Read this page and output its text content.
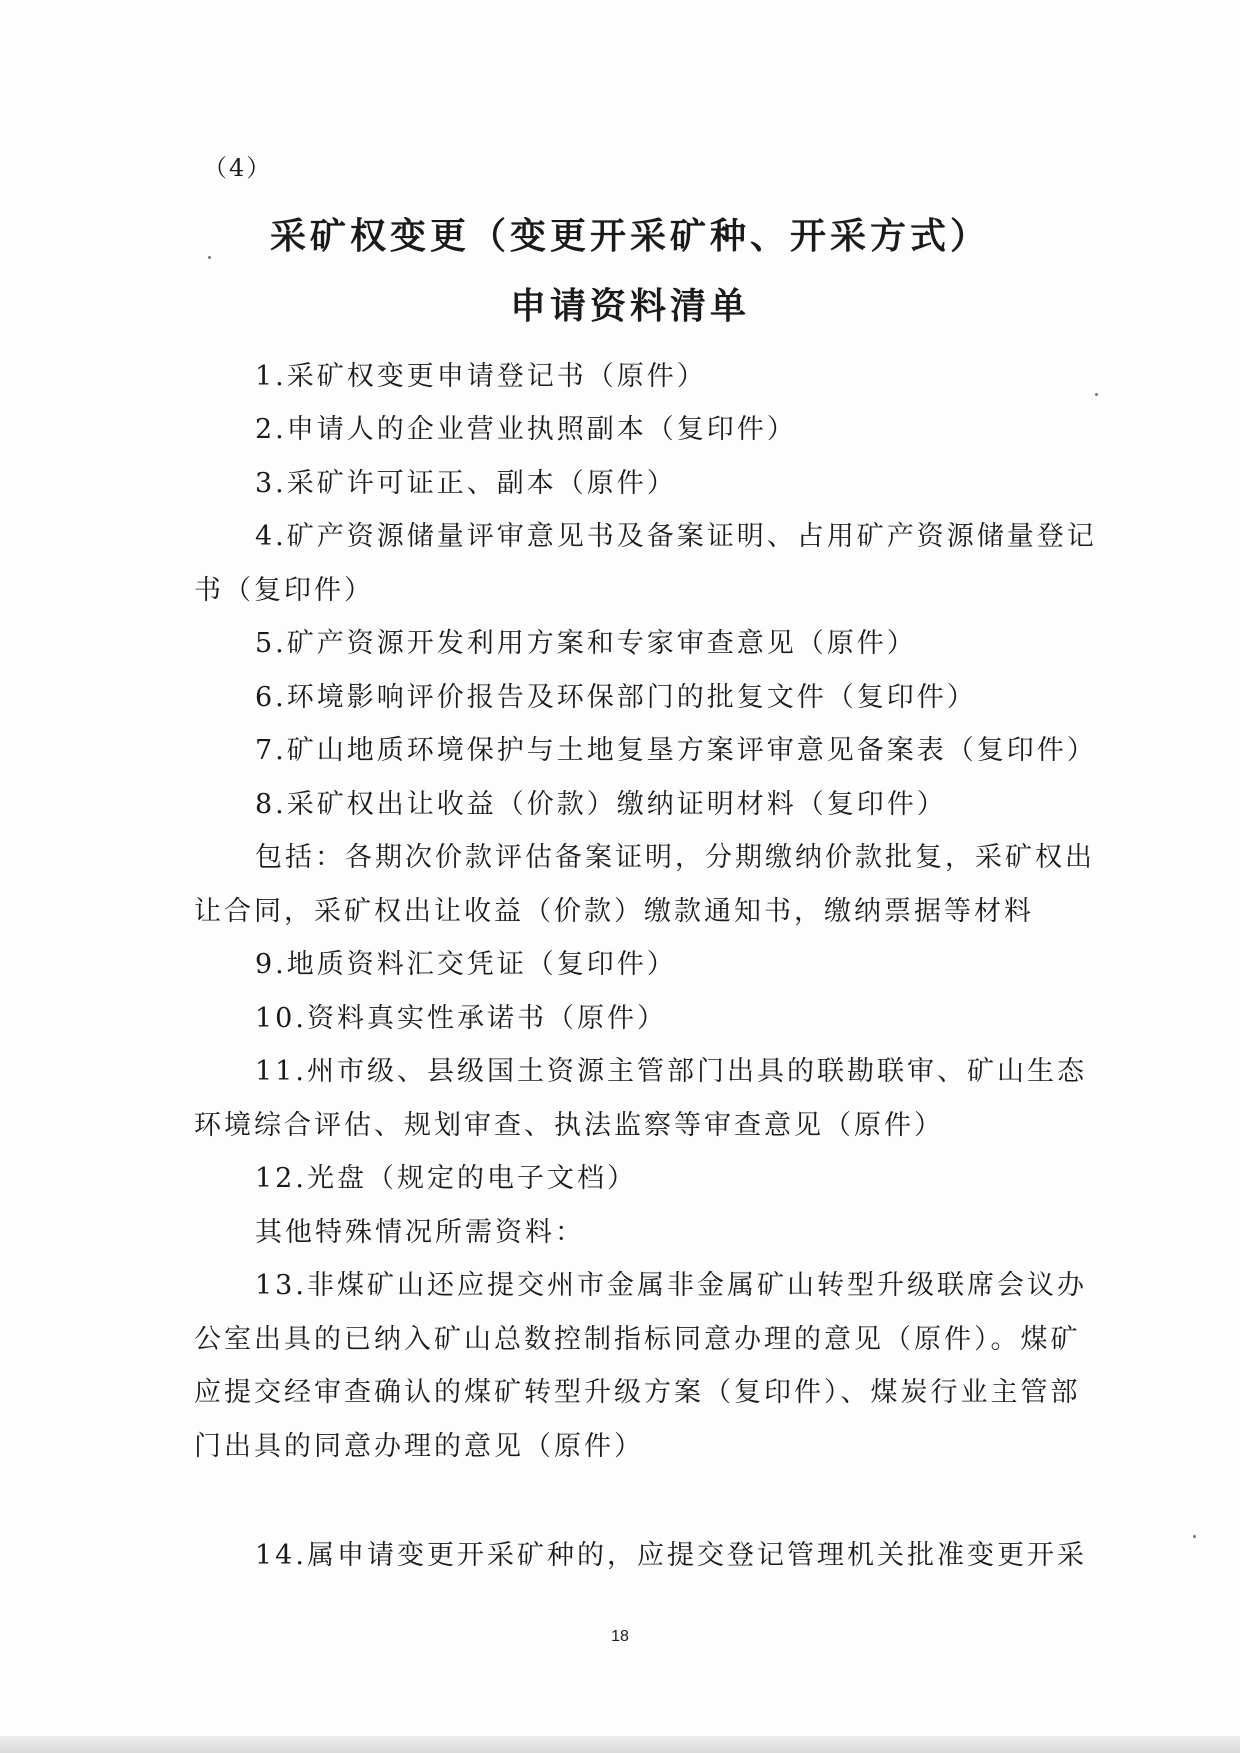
（4）
采矿权变更（变更开采矿种、开采方式）
申请资料清单
1.采矿权变更申请登记书（原件）
2.申请人的企业营业执照副本（复印件）
3.采矿许可证正、副本（原件）
4.矿产资源储量评审意见书及备案证明、占用矿产资源储量登记
书（复印件）
5.矿产资源开发利用方案和专家审查意见（原件）
6.环境影响评价报告及环保部门的批复文件（复印件）
7.矿山地质环境保护与土地复垦方案评审意见备案表（复印件）
8.采矿权出让收益（价款）缴纳证明材料（复印件）
包括：各期次价款评估备案证明，分期缴纳价款批复，采矿权出
让合同，采矿权出让收益（价款）缴款通知书，缴纳票据等材料
9.地质资料汇交凭证（复印件）
10.资料真实性承诺书（原件）
11.州市级、县级国土资源主管部门出具的联勘联审、矿山生态
环境综合评估、规划审查、执法监察等审查意见（原件）
12.光盘（规定的电子文档）
其他特殊情况所需资料：
13.非煤矿山还应提交州市金属非金属矿山转型升级联席会议办
公室出具的已纳入矿山总数控制指标同意办理的意见（原件）。煤矿
应提交经审查确认的煤矿转型升级方案（复印件）、煤炭行业主管部
门出具的同意办理的意见（原件）
14.属申请变更开采矿种的，应提交登记管理机关批准变更开采
18
